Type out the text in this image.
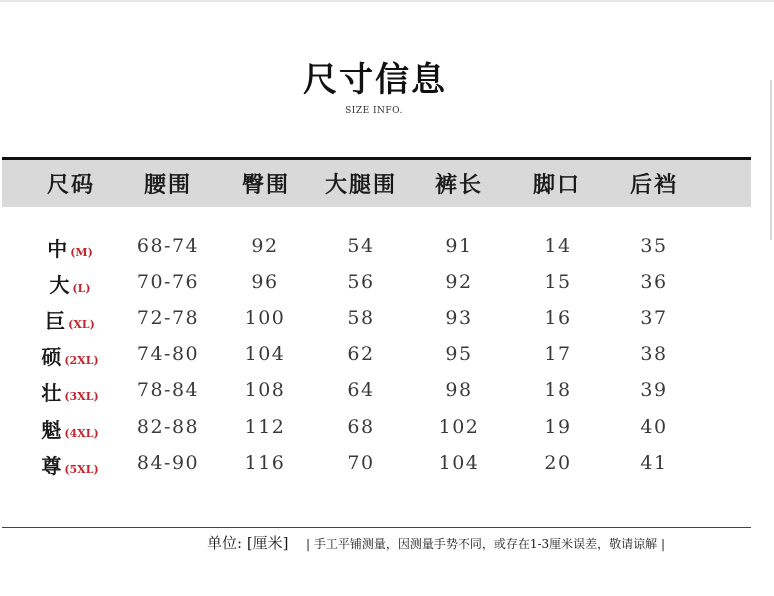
尺寸信息
SIZE INFO.
尺码	腰围	臀围	大腿围	裤长	脚口	后裆
中 (M)	68-74	92	54	91	14	35
大 (L)	70-76	96	56	92	15	36
巨 (XL)	72-78	100	58	93	16	37
硕 (2XL)	74-80	104	62	95	17	38
壮 (3XL)	78-84	108	64	98	18	39
魁 (4XL)	82-88	112	68	102	19	40
尊 (5XL)	84-90	116	70	104	20	41
单位: [厘米] | 手工平铺测量，因测量手势不同，或存在1-3厘米误差，敬请谅解 |
